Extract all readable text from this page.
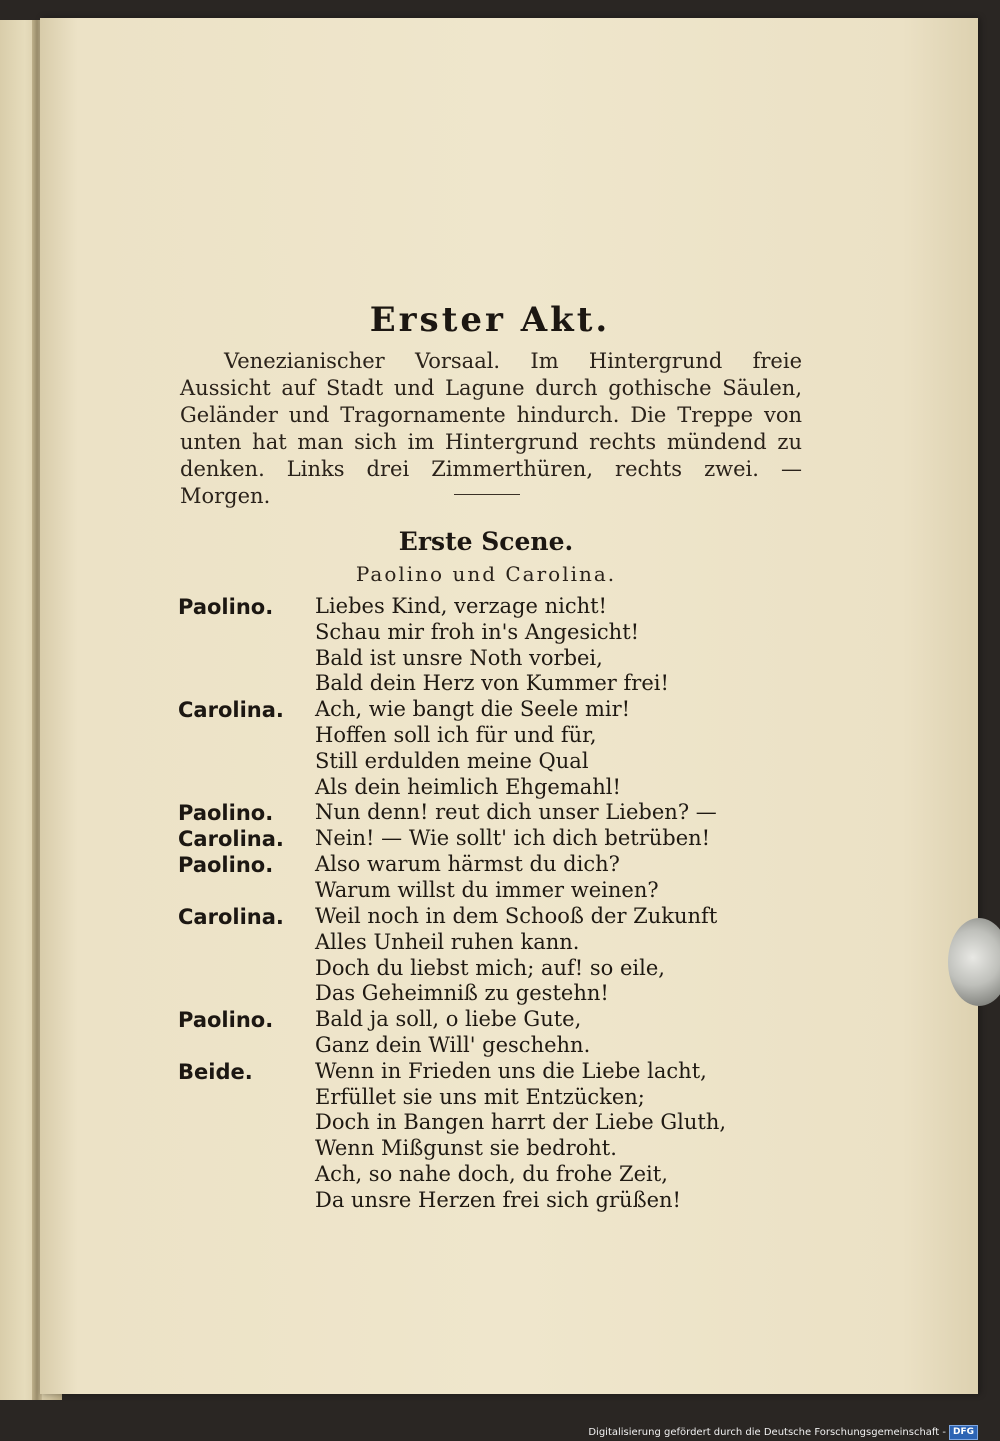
Erster Akt.

Venezianischer Vorsaal. Im Hintergrund freie Aussicht auf Stadt und Lagune durch gothische Säulen, Geländer und Tragornamente hindurch. Die Treppe von unten hat man sich im Hintergrund rechts mündend zu denken. Links drei Zimmerthüren, rechts zwei. — Morgen.

Erste Scene.
Paolino und Carolina.
Paolino.	Liebes Kind, verzage nicht!
Schau mir froh in's Angesicht!
Bald ist unsre Noth vorbei,
Bald dein Herz von Kummer frei!
Carolina.	Ach, wie bangt die Seele mir!
Hoffen soll ich für und für,
Still erdulden meine Qual
Als dein heimlich Ehgemahl!
Paolino.	Nun denn! reut dich unser Lieben? —
Carolina.	Nein! — Wie sollt' ich dich betrüben!
Paolino.	Also warum härmst du dich?
Warum willst du immer weinen?
Carolina.	Weil noch in dem Schooß der Zukunft
Alles Unheil ruhen kann.
Doch du liebst mich; auf! so eile,
Das Geheimniß zu gestehn!
Paolino.	Bald ja soll, o liebe Gute,
Ganz dein Will' geschehn.
Beide.	Wenn in Frieden uns die Liebe lacht,
Erfüllet sie uns mit Entzücken;
Doch in Bangen harrt der Liebe Gluth,
Wenn Mißgunst sie bedroht.
Ach, so nahe doch, du frohe Zeit,
Da unsre Herzen frei sich grüßen!
Digitalisierung gefördert durch die Deutsche Forschungsgemeinschaft - DFG
